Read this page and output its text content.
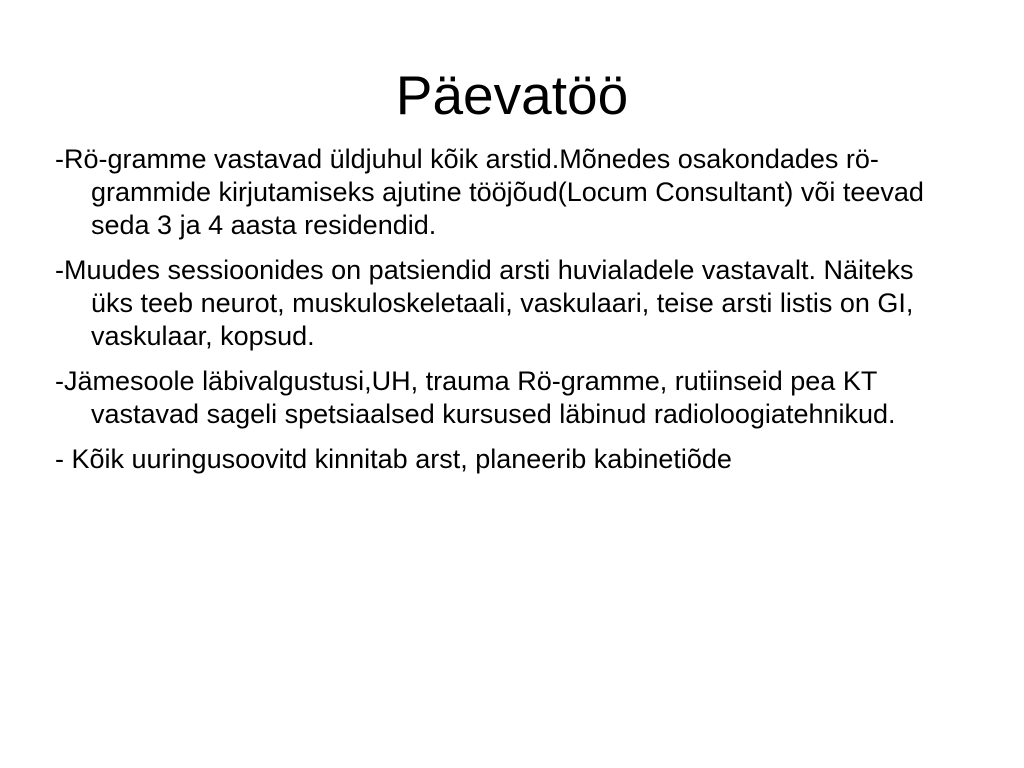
Päevatöö
-Rö-gramme vastavad üldjuhul kõik arstid.Mõnedes osakondades rö-grammide kirjutamiseks ajutine tööjõud(Locum Consultant) või teevad seda 3 ja 4 aasta residendid.
-Muudes sessioonides on patsiendid arsti huvialadele vastavalt. Näiteks üks teeb neurot, muskuloskeletaali, vaskulaari, teise arsti listis on GI, vaskulaar, kopsud.
-Jämesoole läbivalgustusi,UH, trauma Rö-gramme, rutiinseid pea KT vastavad sageli spetsiaalsed kursused läbinud radioloogiatehnikud.
- Kõik uuringusoovitd kinnitab arst, planeerib kabinetiõde
